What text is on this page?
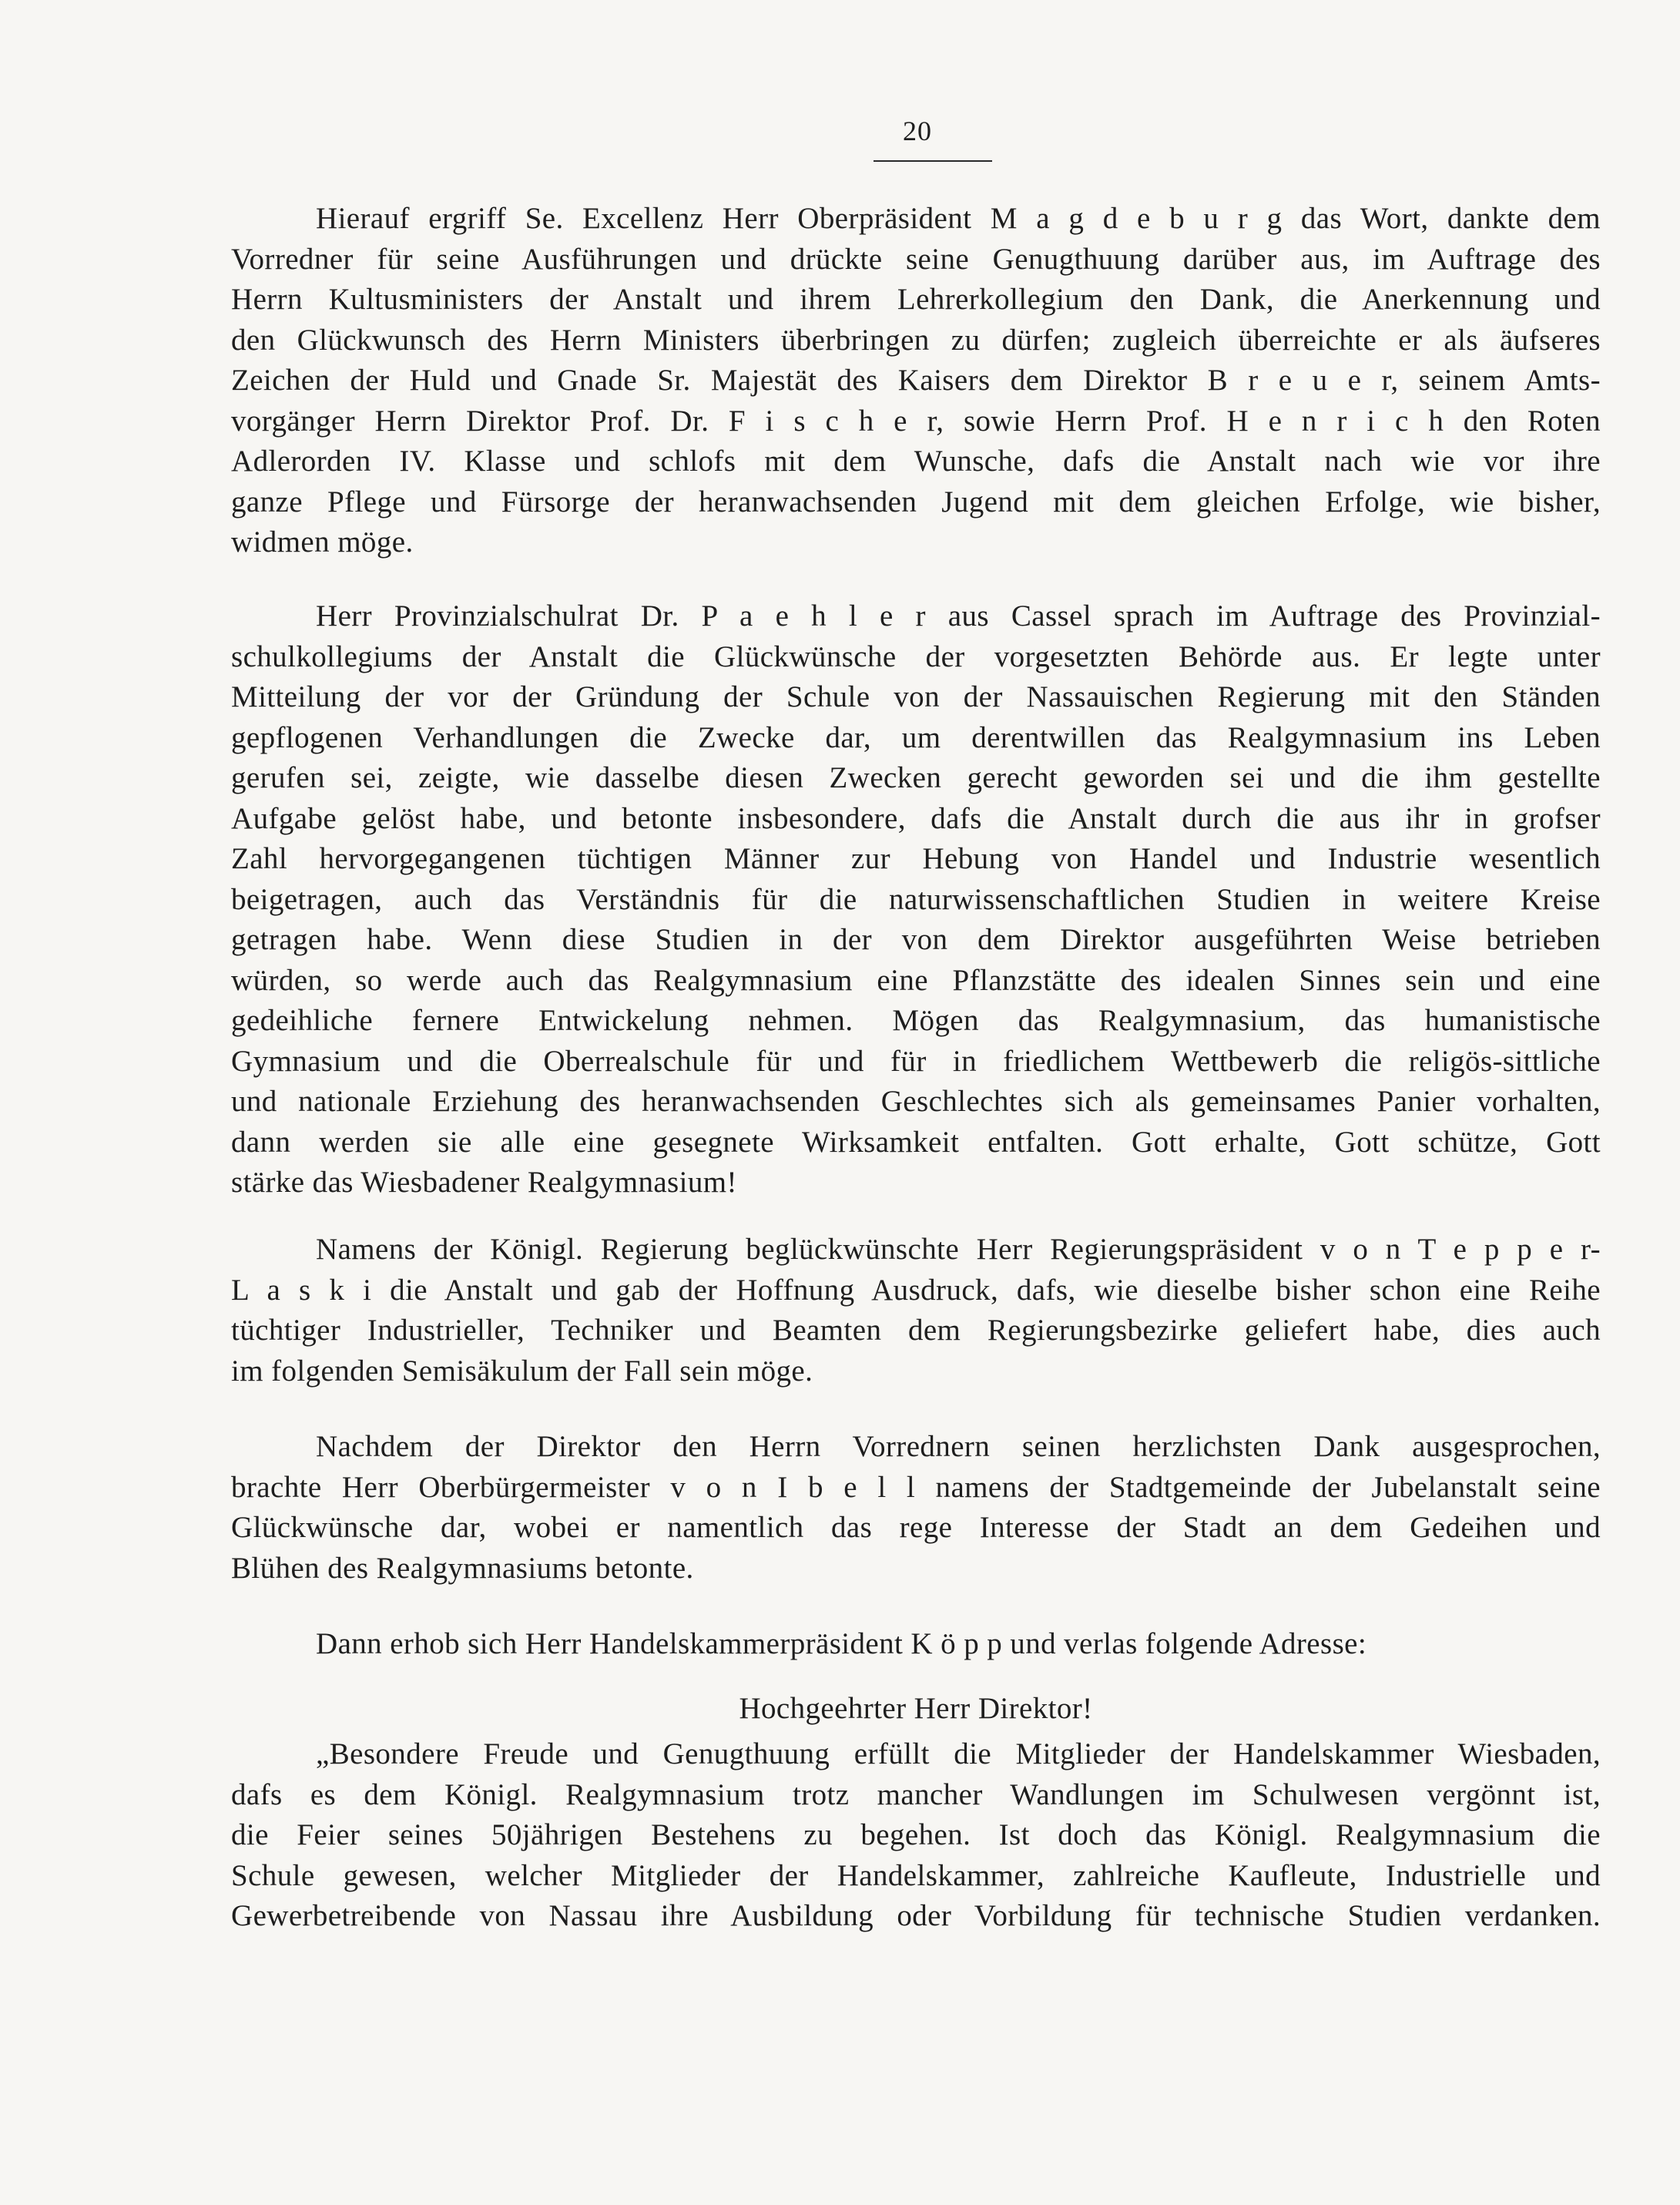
20
Hierauf ergriff Se. Excellenz Herr Oberpräsident M a g d e b u r g das Wort, dankte dem
Vorredner für seine Ausführungen und drückte seine Genugthuung darüber aus, im Auftrage des
Herrn Kultusministers der Anstalt und ihrem Lehrerkollegium den Dank, die Anerkennung und
den Glückwunsch des Herrn Ministers überbringen zu dürfen; zugleich überreichte er als äufseres
Zeichen der Huld und Gnade Sr. Majestät des Kaisers dem Direktor B r e u e r, seinem Amts-
vorgänger Herrn Direktor Prof. Dr. F i s c h e r, sowie Herrn Prof. H e n r i c h den Roten
Adlerorden IV. Klasse und schlofs mit dem Wunsche, dafs die Anstalt nach wie vor ihre
ganze Pflege und Fürsorge der heranwachsenden Jugend mit dem gleichen Erfolge, wie bisher,
widmen möge.
Herr Provinzialschulrat Dr. P a e h l e r aus Cassel sprach im Auftrage des Provinzial-
schulkollegiums der Anstalt die Glückwünsche der vorgesetzten Behörde aus. Er legte unter
Mitteilung der vor der Gründung der Schule von der Nassauischen Regierung mit den Ständen
gepflogenen Verhandlungen die Zwecke dar, um derentwillen das Realgymnasium ins Leben
gerufen sei, zeigte, wie dasselbe diesen Zwecken gerecht geworden sei und die ihm gestellte
Aufgabe gelöst habe, und betonte insbesondere, dafs die Anstalt durch die aus ihr in grofser
Zahl hervorgegangenen tüchtigen Männer zur Hebung von Handel und Industrie wesentlich
beigetragen, auch das Verständnis für die naturwissenschaftlichen Studien in weitere Kreise
getragen habe. Wenn diese Studien in der von dem Direktor ausgeführten Weise betrieben
würden, so werde auch das Realgymnasium eine Pflanzstätte des idealen Sinnes sein und eine
gedeihliche fernere Entwickelung nehmen. Mögen das Realgymnasium, das humanistische
Gymnasium und die Oberrealschule für und für in friedlichem Wettbewerb die religös-sittliche
und nationale Erziehung des heranwachsenden Geschlechtes sich als gemeinsames Panier vorhalten,
dann werden sie alle eine gesegnete Wirksamkeit entfalten. Gott erhalte, Gott schütze, Gott
stärke das Wiesbadener Realgymnasium!
Namens der Königl. Regierung beglückwünschte Herr Regierungspräsident v o n T e p p e r-
L a s k i die Anstalt und gab der Hoffnung Ausdruck, dafs, wie dieselbe bisher schon eine Reihe
tüchtiger Industrieller, Techniker und Beamten dem Regierungsbezirke geliefert habe, dies auch
im folgenden Semisäkulum der Fall sein möge.
Nachdem der Direktor den Herrn Vorrednern seinen herzlichsten Dank ausgesprochen,
brachte Herr Oberbürgermeister v o n I b e l l namens der Stadtgemeinde der Jubelanstalt seine
Glückwünsche dar, wobei er namentlich das rege Interesse der Stadt an dem Gedeihen und
Blühen des Realgymnasiums betonte.
Dann erhob sich Herr Handelskammerpräsident K ö p p und verlas folgende Adresse:
Hochgeehrter Herr Direktor!
„Besondere Freude und Genugthuung erfüllt die Mitglieder der Handelskammer Wiesbaden,
dafs es dem Königl. Realgymnasium trotz mancher Wandlungen im Schulwesen vergönnt ist,
die Feier seines 50jährigen Bestehens zu begehen. Ist doch das Königl. Realgymnasium die
Schule gewesen, welcher Mitglieder der Handelskammer, zahlreiche Kaufleute, Industrielle und
Gewerbetreibende von Nassau ihre Ausbildung oder Vorbildung für technische Studien verdanken.
